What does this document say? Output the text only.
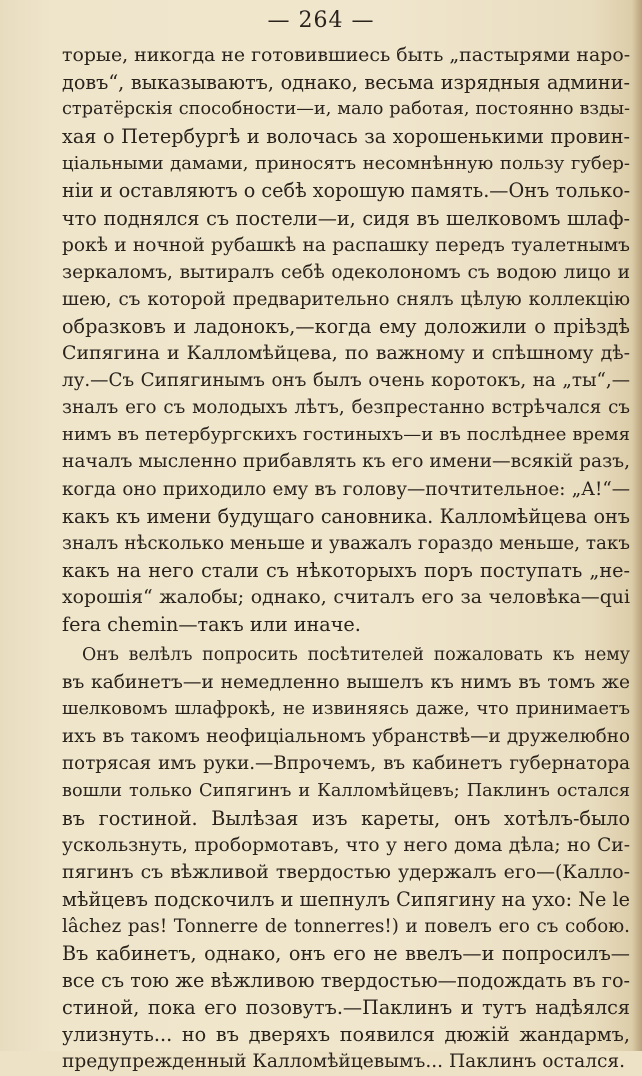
— 264 —
торые, никогда не готовившиесь быть „пастырями наро-
довъ“, выказываютъ, однако, весьма изрядныя админи-
стратёрскія способности—и, мало работая, постоянно взды-
хая о Петербургѣ и волочась за хорошенькими провин-
ціальными дамами, приносятъ несомнѣнную пользу губер-
ніи и оставляютъ о себѣ хорошую память.—Онъ только-
что поднялся съ постели—и, сидя въ шелковомъ шлаф-
рокѣ и ночной рубашкѣ на распашку передъ туалетнымъ
зеркаломъ, вытиралъ себѣ одеколономъ съ водою лицо и
шею, съ которой предварительно снялъ цѣлую коллекцію
образковъ и ладонокъ,—когда ему доложили о пріѣздѣ
Сипягина и Калломѣйцева, по важному и спѣшному дѣ-
лу.—Съ Сипягинымъ онъ былъ очень коротокъ, на „ты“,—
зналъ его съ молодыхъ лѣтъ, безпрестанно встрѣчался съ
нимъ въ петербургскихъ гостиныхъ—и въ послѣднее время
началъ мысленно прибавлять къ его имени—всякій разъ,
когда оно приходило ему въ голову—почтительное: „А!“—
какъ къ имени будущаго сановника. Калломѣйцева онъ
зналъ нѣсколько меньше и уважалъ гораздо меньше, такъ
какъ на него стали съ нѣкоторыхъ поръ поступать „не-
хорошія“ жалобы; однако, считалъ его за человѣка—qui
fera chemin—такъ или иначе.
Онъ велѣлъ попросить посѣтителей пожаловать къ нему
въ кабинетъ—и немедленно вышелъ къ нимъ въ томъ же
шелковомъ шлафрокѣ, не извиняясь даже, что принимаетъ
ихъ въ такомъ неофиціальномъ убранствѣ—и дружелюбно
потрясая имъ руки.—Впрочемъ, въ кабинетъ губернатора
вошли только Сипягинъ и Калломѣйцевъ; Паклинъ остался
въ гостиной. Вылѣзая изъ кареты, онъ хотѣлъ-было
ускользнуть, пробормотавъ, что у него дома дѣла; но Си-
пягинъ съ вѣжливой твердостью удержалъ его—(Калло-
мѣйцевъ подскочилъ и шепнулъ Сипягину на ухо: Ne le
lâchez pas! Tonnerre de tonnerres!) и повелъ его съ собою.
Въ кабинетъ, однако, онъ его не ввелъ—и попросилъ—
все съ тою же вѣжливою твердостью—подождать въ го-
стиной, пока его позовутъ.—Паклинъ и тутъ надѣялся
улизнуть... но въ дверяхъ появился дюжій жандармъ,
предупрежденный Калломѣйцевымъ... Паклинъ остался.
